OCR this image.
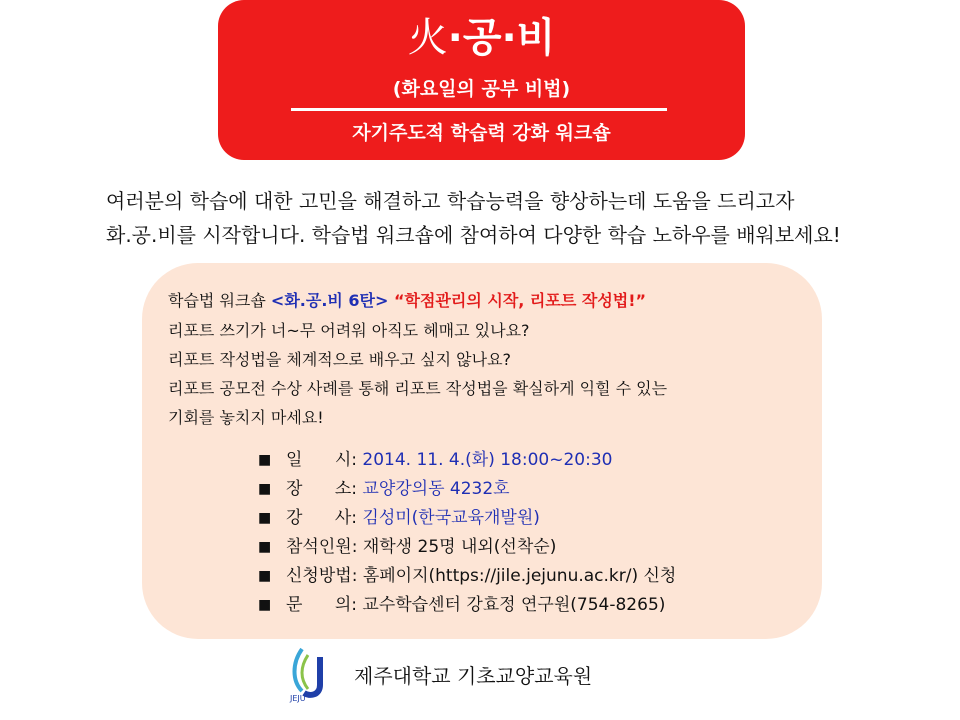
火·공·비
(화요일의 공부 비법)
자기주도적 학습력 강화 워크숍
여러분의 학습에 대한 고민을 해결하고 학습능력을 향상하는데 도움을 드리고자
화.공.비를 시작합니다. 학습법 워크숍에 참여하여 다양한 학습 노하우를 배워보세요!
학습법 워크숍 <화.공.비 6탄> “학점관리의 시작, 리포트 작성법!”
리포트 쓰기가 너~무 어려워 아직도 헤매고 있나요?
리포트 작성법을 체계적으로 배우고 싶지 않나요?
리포트 공모전 수상 사례를 통해 리포트 작성법을 확실하게 익힐 수 있는
기회를 놓치지 마세요!
■ 일      시: 2014. 11. 4.(화) 18:00~20:30
■ 장      소: 교양강의동 4232호
■ 강      사: 김성미(한국교육개발원)
■ 참석인원: 재학생 25명 내외(선착순)
■ 신청방법: 홈페이지(https://jile.jejunu.ac.kr/) 신청
■ 문      의: 교수학습센터 강효정 연구원(754-8265)
JEJU
제주대학교 기초교양교육원
